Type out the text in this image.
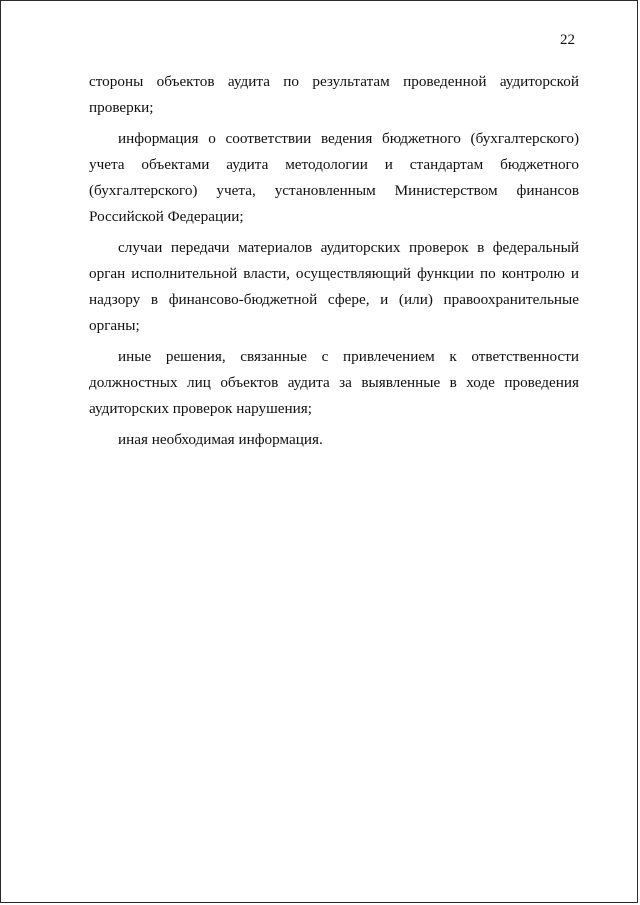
22

стороны объектов аудита по результатам проведенной аудиторской проверки;

информация о соответствии ведения бюджетного (бухгалтерского) учета объектами аудита методологии и стандартам бюджетного (бухгалтерского) учета, установленным Министерством финансов Российской Федерации;

случаи передачи материалов аудиторских проверок в федеральный орган исполнительной власти, осуществляющий функции по контролю и надзору в финансово-бюджетной сфере, и (или) правоохранительные органы;

иные решения, связанные с привлечением к ответственности должностных лиц объектов аудита за выявленные в ходе проведения аудиторских проверок нарушения;

иная необходимая информация.
